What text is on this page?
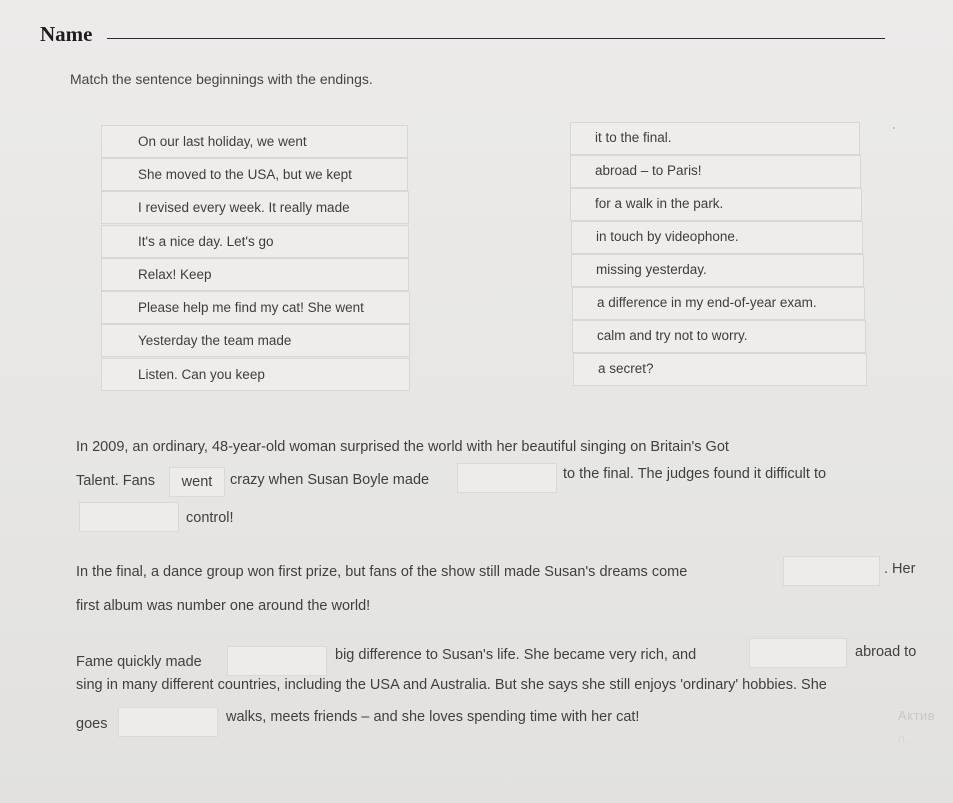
Name
Match the sentence beginnings with the endings.
On our last holiday, we went
She moved to the USA, but we kept
I revised every week. It really made
It's a nice day. Let's go
Relax! Keep
Please help me find my cat! She went
Yesterday the team made
Listen. Can you keep
it to the final.
abroad – to Paris!
for a walk in the park.
in touch by videophone.
missing yesterday.
a difference in my end-of-year exam.
calm and try not to worry.
a secret?
In 2009, an ordinary, 48-year-old woman surprised the world with her beautiful singing on Britain's Got
Talent. Fans	went	crazy when Susan Boyle made	to the final. The judges found it difficult to
control!
In the final, a dance group won first prize, but fans of the show still made Susan's dreams come	. Her
first album was number one around the world!
Fame quickly made	big difference to Susan's life. She became very rich, and	abroad to
sing in many different countries, including the USA and Australia. But she says she still enjoys 'ordinary' hobbies. She
goes	walks, meets friends – and she loves spending time with her cat!	Актив
П...
